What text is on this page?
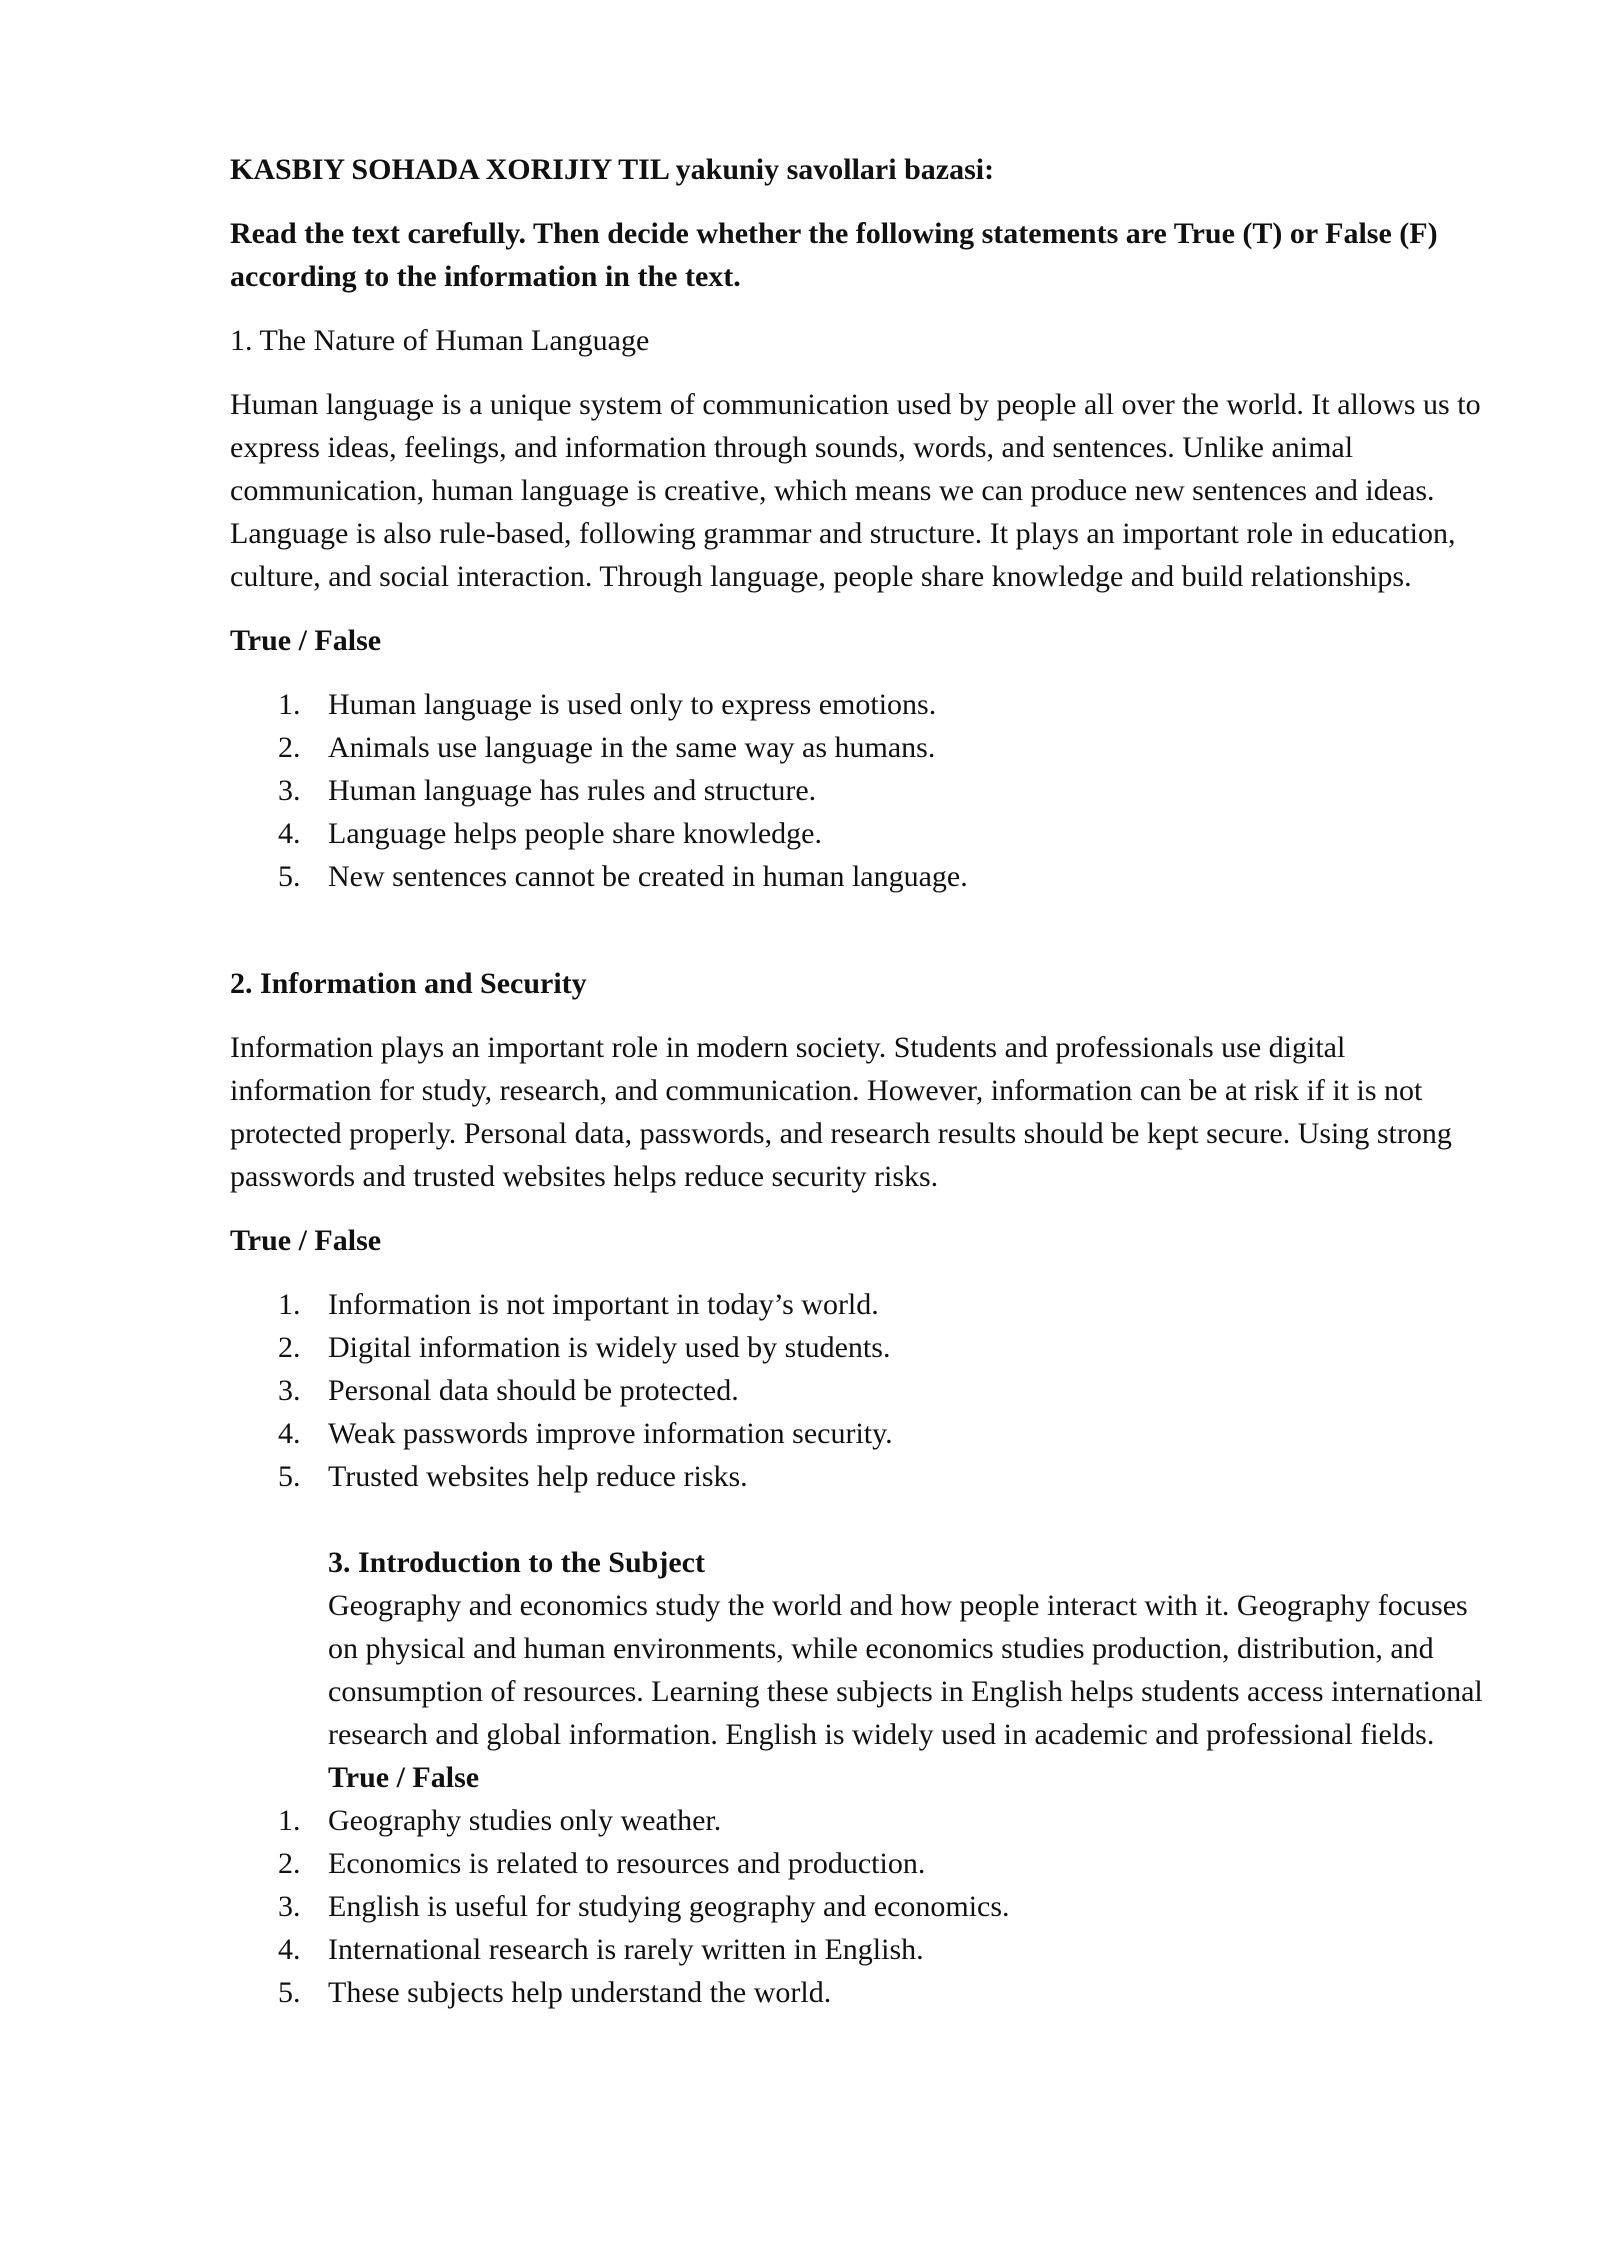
KASBIY SOHADA XORIJIY TIL yakuniy savollari bazasi:

Read the text carefully. Then decide whether the following statements are True (T) or False (F) according to the information in the text.

1. The Nature of Human Language

Human language is a unique system of communication used by people all over the world. It allows us to express ideas, feelings, and information through sounds, words, and sentences. Unlike animal communication, human language is creative, which means we can produce new sentences and ideas. Language is also rule-based, following grammar and structure. It plays an important role in education, culture, and social interaction. Through language, people share knowledge and build relationships.

True / False

1. Human language is used only to express emotions.
2. Animals use language in the same way as humans.
3. Human language has rules and structure.
4. Language helps people share knowledge.
5. New sentences cannot be created in human language.

2. Information and Security

Information plays an important role in modern society. Students and professionals use digital information for study, research, and communication. However, information can be at risk if it is not protected properly. Personal data, passwords, and research results should be kept secure. Using strong passwords and trusted websites helps reduce security risks.

True / False

1. Information is not important in today’s world.
2. Digital information is widely used by students.
3. Personal data should be protected.
4. Weak passwords improve information security.
5. Trusted websites help reduce risks.

3. Introduction to the Subject

Geography and economics study the world and how people interact with it. Geography focuses on physical and human environments, while economics studies production, distribution, and consumption of resources. Learning these subjects in English helps students access international research and global information. English is widely used in academic and professional fields.

True / False

1. Geography studies only weather.
2. Economics is related to resources and production.
3. English is useful for studying geography and economics.
4. International research is rarely written in English.
5. These subjects help understand the world.
